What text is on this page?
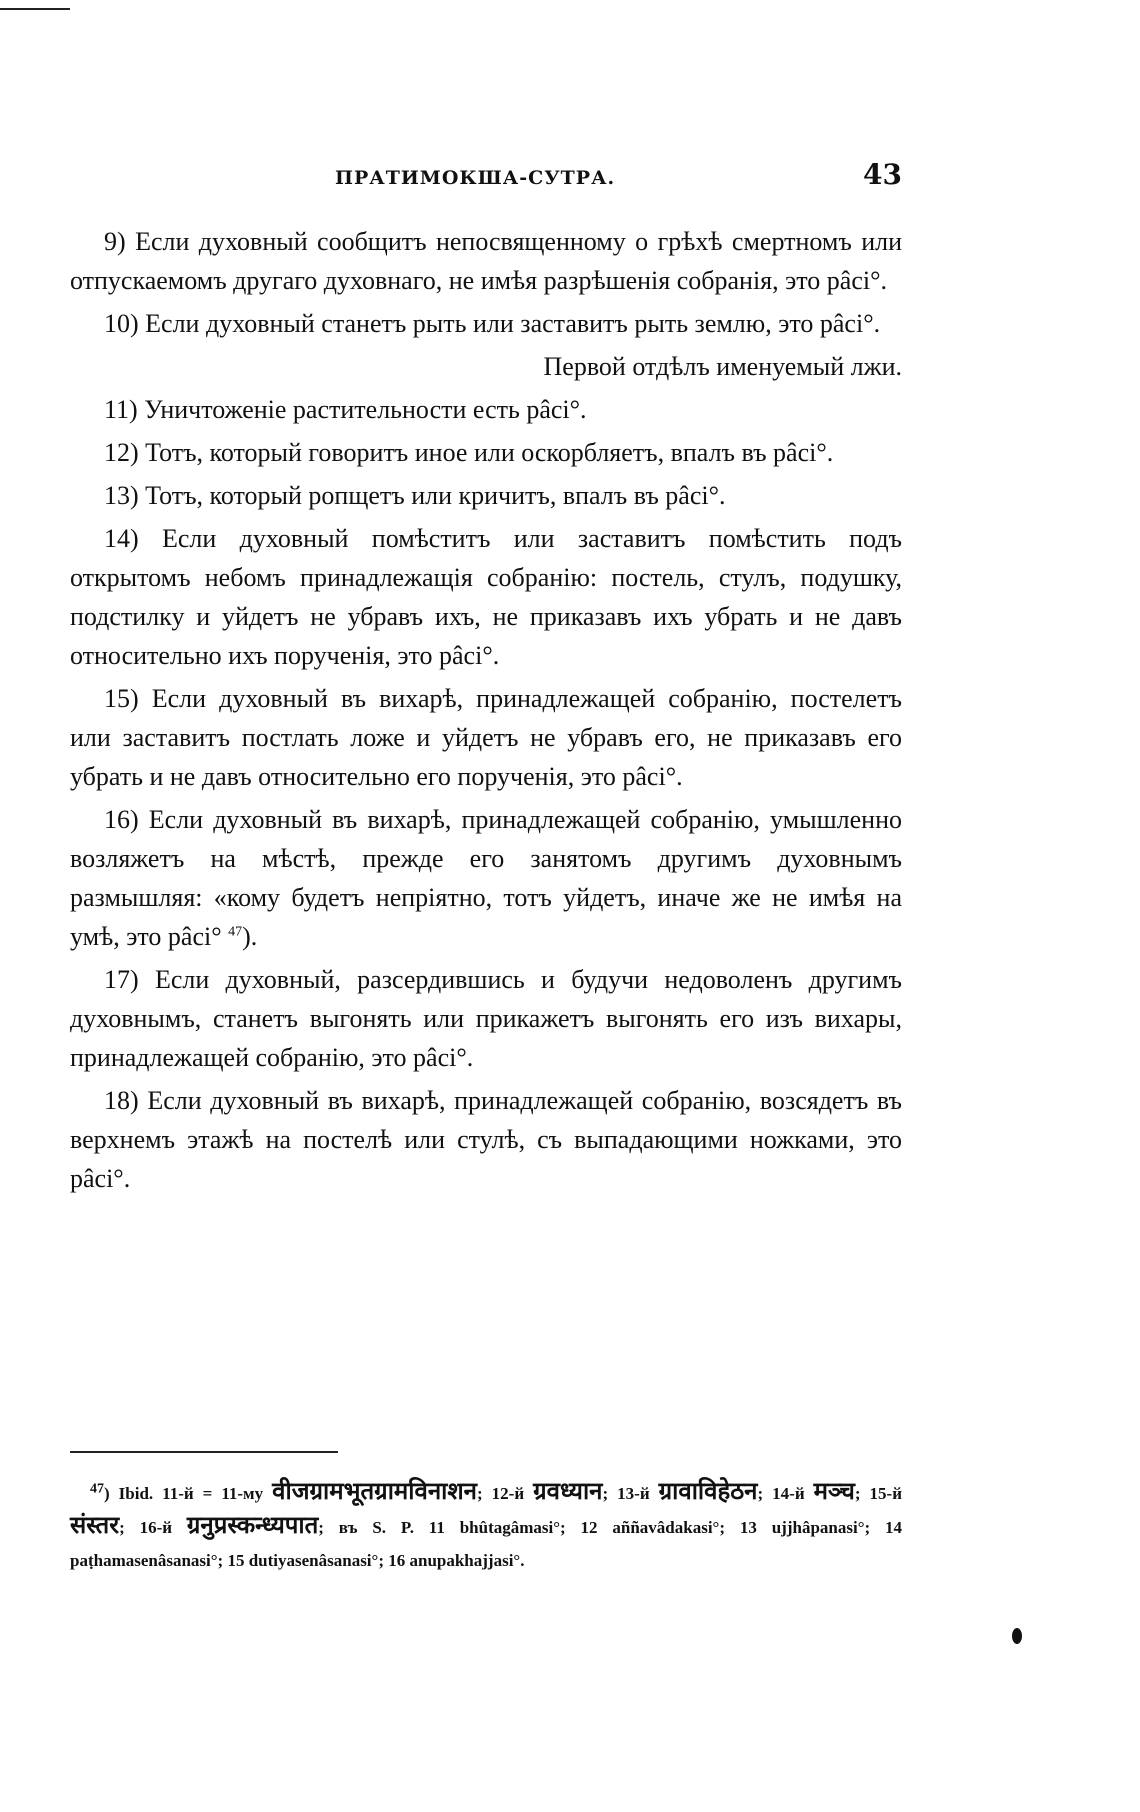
ПРАТИМОКША-СУТРА.	43

9) Если духовный сообщитъ непосвященному о грѣхѣ смертномъ или отпускаемомъ другаго духовнаго, не имѣя разрѣшенія собранія, это pâci°.

10) Если духовный станетъ рыть или заставитъ рыть землю, это pâci°.

Первой отдѣлъ именуемый лжи.

11) Уничтоженіе растительности есть pâci°.

12) Тотъ, который говоритъ иное или оскорбляетъ, впалъ въ pâci°.

13) Тотъ, который ропщетъ или кричитъ, впалъ въ pâci°.

14) Если духовный помѣститъ или заставитъ помѣстить подъ открытомъ небомъ принадлежащія собранію: постель, стулъ, подушку, подстилку и уйдетъ не убравъ ихъ, не приказавъ ихъ убрать и не давъ относительно ихъ порученія, это pâci°.

15) Если духовный въ вихарѣ, принадлежащей собранію, постелетъ или заставитъ постлать ложе и уйдетъ не убравъ его, не приказавъ его убрать и не давъ относительно его порученія, это pâci°.

16) Если духовный въ вихарѣ, принадлежащей собранію, умышленно возляжетъ на мѣстѣ, прежде его занятомъ другимъ духовнымъ размышляя: «кому будетъ непріятно, тотъ уйдетъ, иначе же не имѣя на умѣ, это pâci° $^{47}$).

17) Если духовный, разсердившись и будучи недоволенъ другимъ духовнымъ, станетъ выгонять или прикажетъ выгонять его изъ вихары, принадлежащей собранію, это pâci°.

18) Если духовный въ вихарѣ, принадлежащей собранію, возсядетъ въ верхнемъ этажѣ на постелѣ или стулѣ, съ выпадающими ножками, это pâci°.

$^{47}$) Ibid. 11-й = 11-му वीजग्रामभूतग्रामविनाशन; 12-й ग्रवध्यान; 13-й ग्रावाविहेठन; 14-й मञ्च; 15-й संस्तर; 16-й ग्रनुप्रस्कन्ध्यपात; въ S. P. 11 bhûtagâmasi°; 12 aññavâdakasi°; 13 ujjhâpanasi°; 14 paṭhamasenâsanasi°; 15 dutiyasenâsanasi°; 16 anupakhajjasi°.
